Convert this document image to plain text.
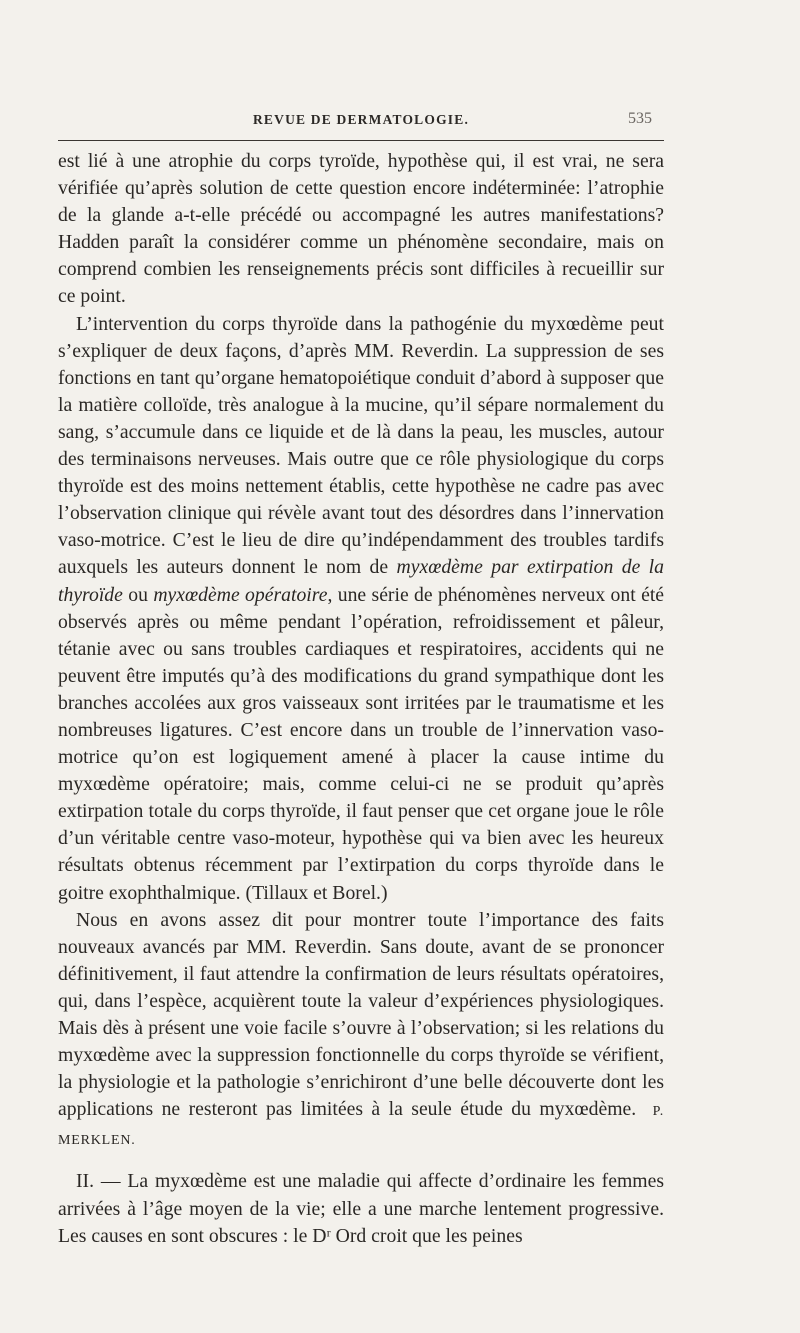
REVUE DE DERMATOLOGIE.	535

est lié à une atrophie du corps tyroïde, hypothèse qui, il est vrai, ne sera vérifiée qu’après solution de cette question encore indéterminée: l’atrophie de la glande a-t-elle précédé ou accompagné les autres manifestations? Hadden paraît la considérer comme un phénomène secondaire, mais on comprend combien les renseignements précis sont difficiles à recueillir sur ce point.

L’intervention du corps thyroïde dans la pathogénie du myxœdème peut s’expliquer de deux façons, d’après MM. Reverdin. La suppression de ses fonctions en tant qu’organe hematopoiétique conduit d’abord à supposer que la matière colloïde, très analogue à la mucine, qu’il sépare normalement du sang, s’accumule dans ce liquide et de là dans la peau, les muscles, autour des terminaisons nerveuses. Mais outre que ce rôle physiologique du corps thyroïde est des moins nettement établis, cette hypothèse ne cadre pas avec l’observation clinique qui révèle avant tout des désordres dans l’innervation vaso-motrice. C’est le lieu de dire qu’indépendamment des troubles tardifs auxquels les auteurs donnent le nom de myxœdème par extirpation de la thyroïde ou myxœdème opératoire, une série de phénomènes nerveux ont été observés après ou même pendant l’opération, refroidissement et pâleur, tétanie avec ou sans troubles cardiaques et respiratoires, accidents qui ne peuvent être imputés qu’à des modifications du grand sympathique dont les branches accolées aux gros vaisseaux sont irritées par le traumatisme et les nombreuses ligatures. C’est encore dans un trouble de l’innervation vaso-motrice qu’on est logiquement amené à placer la cause intime du myxœdème opératoire; mais, comme celui-ci ne se produit qu’après extirpation totale du corps thyroïde, il faut penser que cet organe joue le rôle d’un véritable centre vaso-moteur, hypothèse qui va bien avec les heureux résultats obtenus récemment par l’extirpation du corps thyroïde dans le goitre exophthalmique. (Tillaux et Borel.)

Nous en avons assez dit pour montrer toute l’importance des faits nouveaux avancés par MM. Reverdin. Sans doute, avant de se prononcer définitivement, il faut attendre la confirmation de leurs résultats opératoires, qui, dans l’espèce, acquièrent toute la valeur d’expériences physiologiques. Mais dès à présent une voie facile s’ouvre à l’observation; si les relations du myxœdème avec la suppression fonctionnelle du corps thyroïde se vérifient, la physiologie et la pathologie s’enrichiront d’une belle découverte dont les applications ne resteront pas limitées à la seule étude du myxœdème. P. MERKLEN.

II. — La myxœdème est une maladie qui affecte d’ordinaire les femmes arrivées à l’âge moyen de la vie; elle a une marche lentement progressive. Les causes en sont obscures : le Dʳ Ord croit que les peines
